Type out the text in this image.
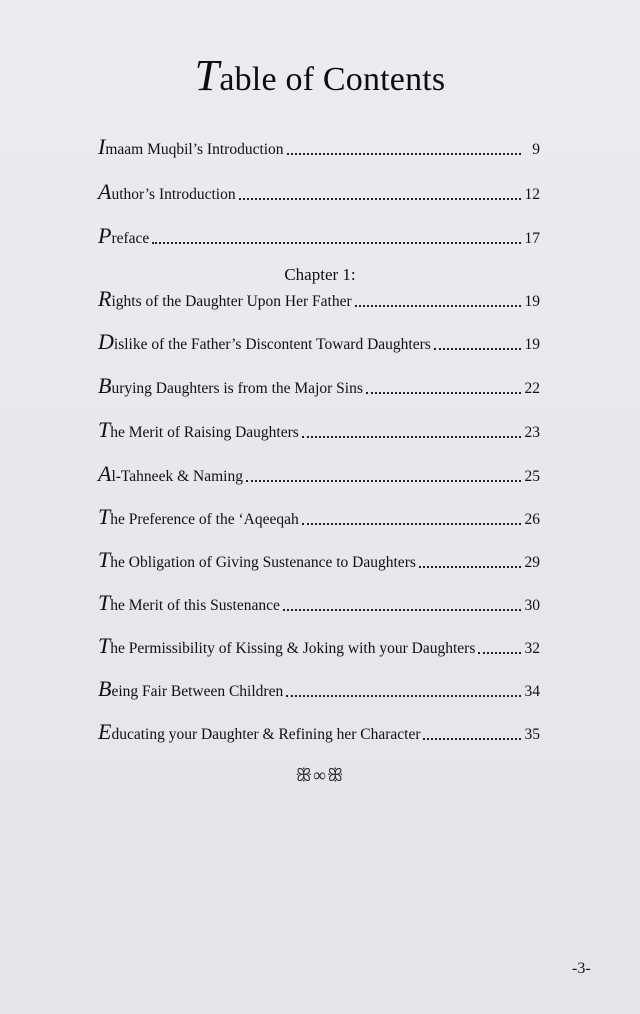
Table of Contents
Imaam Muqbil’s Introduction	9
Author’s Introduction	12
Preface	17
Chapter 1:
Rights of the Daughter Upon Her Father	19
Dislike of the Father’s Discontent Toward Daughters	19
Burying Daughters is from the Major Sins	22
The Merit of Raising Daughters	23
Al-Tahneek & Naming	25
The Preference of the ‘Aqeeqah	26
The Obligation of Giving Sustenance to Daughters	29
The Merit of this Sustenance	30
The Permissibility of Kissing & Joking with your Daughters	32
Being Fair Between Children	34
Educating your Daughter & Refining her Character	35
ꕥ∞ꕥ
-3-
